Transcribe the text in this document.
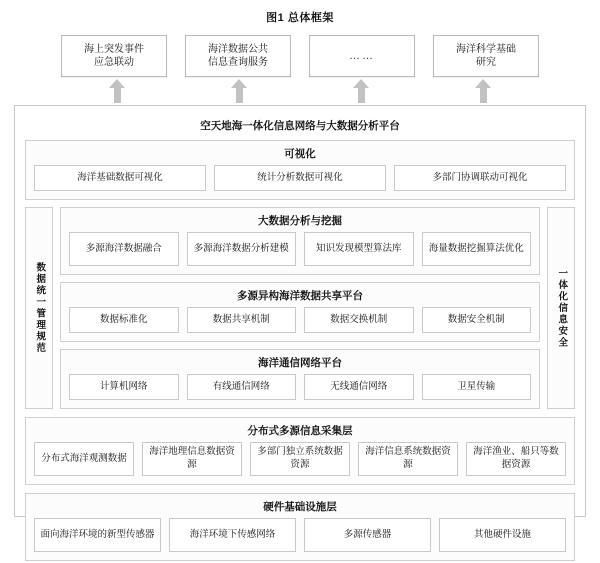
图1 总体框架
海上突发事件
应急联动
海洋数据公共
信息查询服务
……
海洋科学基础
研究
空天地海一体化信息网络与大数据分析平台
可视化
海洋基础数据可视化	统计分析数据可视化	多部门协调联动可视化
数据统一管理规范
大数据分析与挖掘
多源海洋数据融合	多源海洋数据分析建模	知识发现模型算法库	海量数据挖掘算法优化
多源异构海洋数据共享平台
数据标准化	数据共享机制	数据交换机制	数据安全机制
海洋通信网络平台
计算机网络	有线通信网络	无线通信网络	卫星传输
一体化信息安全
分布式多源信息采集层
分布式海洋观测数据
海洋地理信息数据资源
多部门独立系统数据资源
海洋信息系统数据资源
海洋渔业、船只等数据资源
硬件基础设施层
面向海洋环境的新型传感器	海洋环境下传感网络	多源传感器	其他硬件设施
